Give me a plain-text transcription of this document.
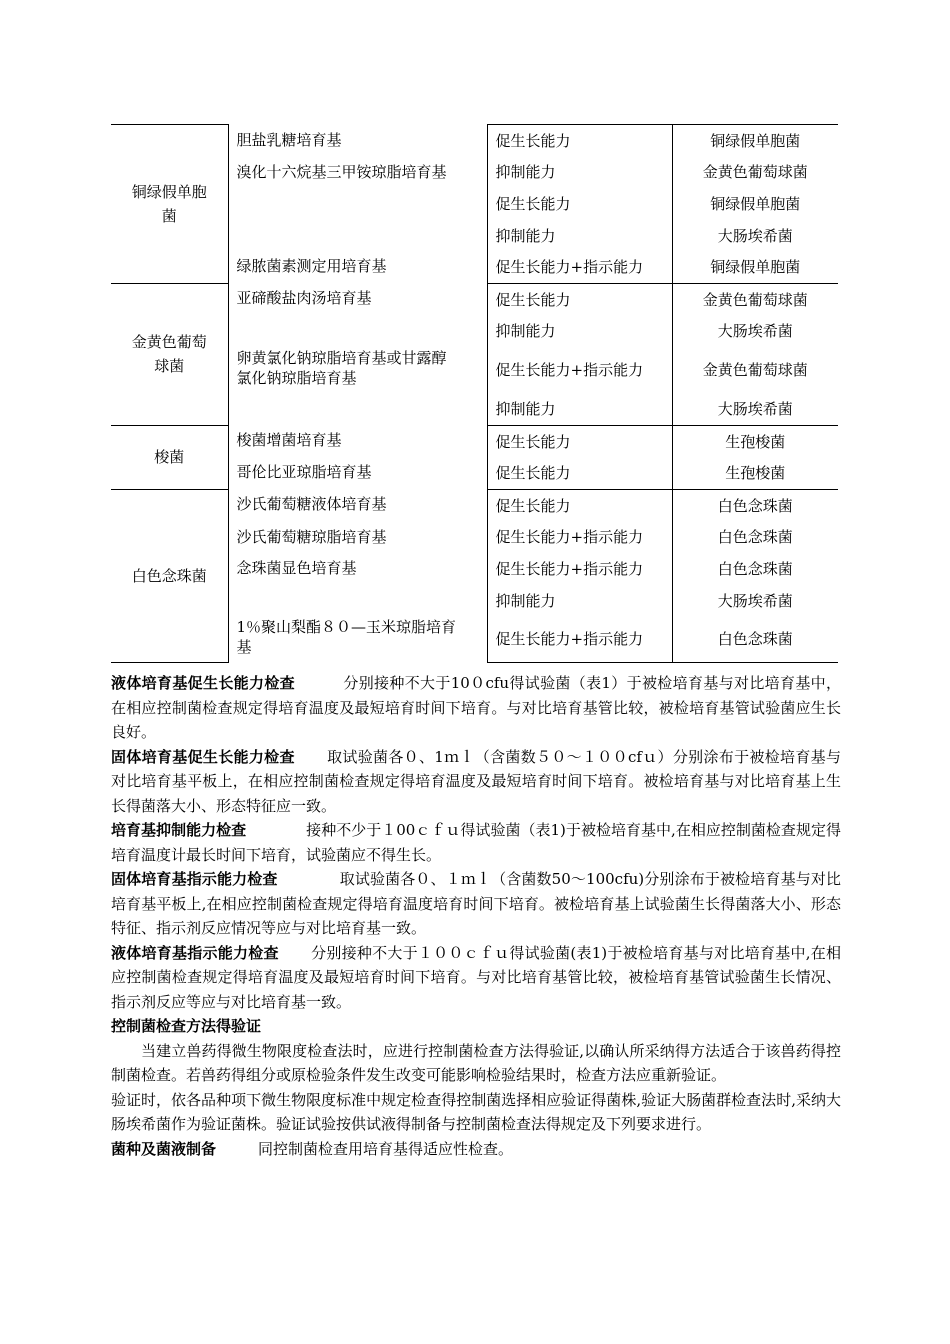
铜绿假单胞
菌	胆盐乳糖培育基	促生长能力	铜绿假单胞菌

	溴化十六烷基三甲铵琼脂培育基	抑制能力	金黄色葡萄球菌
		促生长能力	铜绿假单胞菌
		抑制能力	大肠埃希菌

	绿脓菌素测定用培育基	促生长能力+指示能力	铜绿假单胞菌

金黄色葡萄
球菌	亚碲酸盐肉汤培育基	促生长能力	金黄色葡萄球菌
		抑制能力	大肠埃希菌

	卵黄氯化钠琼脂培育基或甘露醇
氯化钠琼脂培育基	促生长能力+指示能力	金黄色葡萄球菌
		抑制能力	大肠埃希菌

梭菌	梭菌增菌培育基	促生长能力	生孢梭菌

	哥伦比亚琼脂培育基	促生长能力	生孢梭菌

白色念珠菌	沙氏葡萄糖液体培育基	促生长能力	白色念珠菌

	沙氏葡萄糖琼脂培育基	促生长能力+指示能力	白色念珠菌

	念珠菌显色培育基	促生长能力+指示能力	白色念珠菌
		抑制能力	大肠埃希菌

	1％聚山梨酯８０—玉米琼脂培育
基	促生长能力+指示能力	白色念珠菌

液体培育基促生长能力检查	分别接种不大于10０cfu得试验菌（表1）于被检培育基与对比培育基中，在相应控制菌检查规定得培育温度及最短培育时间下培育。与对比培育基管比较，被检培育基管试验菌应生长良好。

固体培育基促生长能力检查 取试验菌各０、1ｍｌ（含菌数５０～１００cfｕ）分别涂布于被检培育基与对比培育基平板上，在相应控制菌检查规定得培育温度及最短培育时间下培育。被检培育基与对比培育基上生长得菌落大小、形态特征应一致。

培育基抑制能力检查	接种不少于１00ｃｆｕ得试验菌（表1)于被检培育基中,在相应控制菌检查规定得培育温度计最长时间下培育，试验菌应不得生长。

固体培育基指示能力检查	取试验菌各０、１ｍｌ（含菌数50～100cfu)分别涂布于被检培育基与对比培育基平板上,在相应控制菌检查规定得培育温度培育时间下培育。被检培育基上试验菌生长得菌落大小、形态特征、指示剂反应情况等应与对比培育基一致。

液体培育基指示能力检查 分别接种不大于１００ｃｆｕ得试验菌(表1)于被检培育基与对比培育基中,在相应控制菌检查规定得培育温度及最短培育时间下培育。与对比培育基管比较，被检培育基管试验菌生长情况、指示剂反应等应与对比培育基一致。

控制菌检查方法得验证

当建立兽药得微生物限度检查法时，应进行控制菌检查方法得验证,以确认所采纳得方法适合于该兽药得控制菌检查。若兽药得组分或原检验条件发生改变可能影响检验结果时，检查方法应重新验证。

验证时，依各品种项下微生物限度标准中规定检查得控制菌选择相应验证得菌株,验证大肠菌群检查法时,采纳大肠埃希菌作为验证菌株。验证试验按供试液得制备与控制菌检查法得规定及下列要求进行。

菌种及菌液制备	同控制菌检查用培育基得适应性检查。
